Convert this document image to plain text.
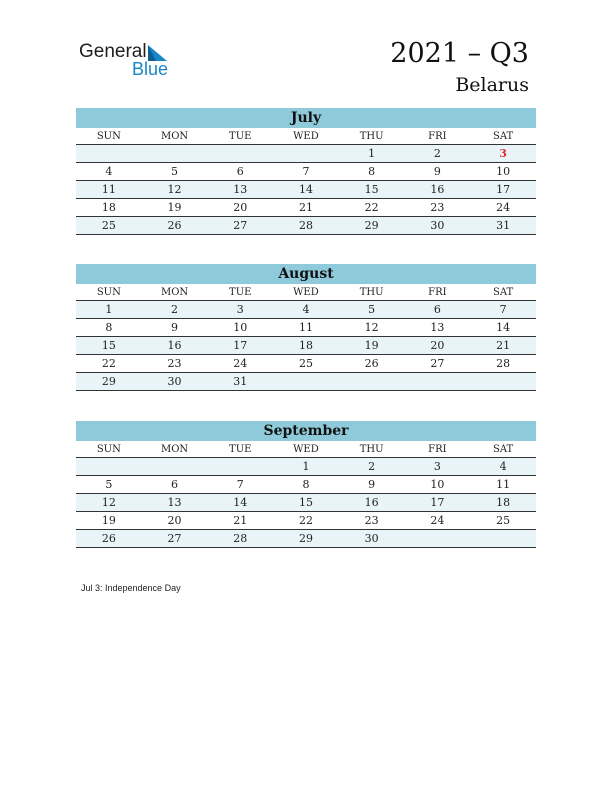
General
Blue	2021 – Q3
Belarus
July
SUN	MON	TUE	WED	THU	FRI	SAT
				1	2	3
4	5	6	7	8	9	10
11	12	13	14	15	16	17
18	19	20	21	22	23	24
25	26	27	28	29	30	31
August
SUN	MON	TUE	WED	THU	FRI	SAT
1	2	3	4	5	6	7
8	9	10	11	12	13	14
15	16	17	18	19	20	21
22	23	24	25	26	27	28
29	30	31				
September
SUN	MON	TUE	WED	THU	FRI	SAT
			1	2	3	4
5	6	7	8	9	10	11
12	13	14	15	16	17	18
19	20	21	22	23	24	25
26	27	28	29	30		
Jul 3: Independence Day
